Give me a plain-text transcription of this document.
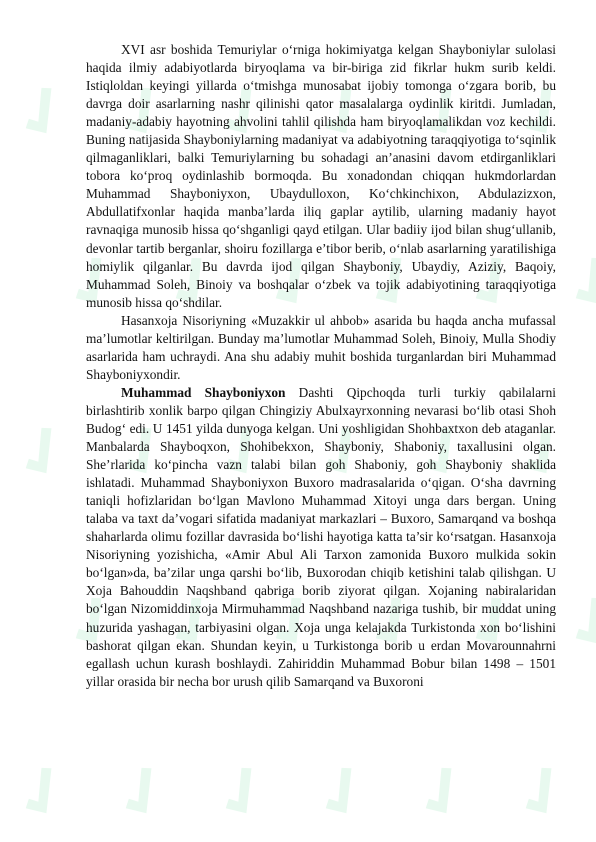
XVI asr boshida Temuriylar o‘rniga hokimiyatga kelgan Shayboniylar sulolasi haqida ilmiy adabiyotlarda biryoqlama va bir-biriga zid fikrlar hukm surib keldi. Istiqloldan keyingi yillarda o‘tmishga munosabat ijobiy tomonga o‘zgara borib, bu davrga doir asarlarning nashr qilinishi qator masalalarga oydinlik kiritdi. Jumladan, madaniy-adabiy hayotning ahvolini tahlil qilishda ham biryoqlamalikdan voz kechildi. Buning natijasida Shayboniylarning madaniyat va adabiyotning taraqqiyotiga to‘sqinlik qilmaganliklari, balki Temuriylarning bu sohadagi an’anasini davom etdirganliklari tobora ko‘proq oydinlashib bormoqda. Bu xonadondan chiqqan hukmdorlardan Muhammad Shayboniyxon, Ubaydulloxon, Ko‘chkinchixon, Abdulazizxon, Abdullatifxonlar haqida manba’larda iliq gaplar aytilib, ularning madaniy hayot ravnaqiga munosib hissa qo‘shganligi qayd etilgan. Ular badiiy ijod bilan shug‘ullanib, devonlar tartib berganlar, shoiru fozillarga e’tibor berib, o‘nlab asarlarning yaratilishiga homiylik qilganlar. Bu davrda ijod qilgan Shayboniy, Ubaydiy, Aziziy, Baqoiy, Muhammad Soleh, Binoiy va boshqalar o‘zbek va tojik adabiyotining taraqqiyotiga munosib hissa qo‘shdilar.

Hasanxoja Nisoriyning «Muzakkir ul ahbob» asarida bu haqda ancha mufassal ma’lumotlar keltirilgan. Bunday ma’lumotlar Muhammad Soleh, Binoiy, Mulla Shodiy asarlarida ham uchraydi. Ana shu adabiy muhit boshida turganlardan biri Muhammad Shayboniyxondir.

Muhammad Shayboniyxon Dashti Qipchoqda turli turkiy qabilalarni birlashtirib xonlik barpo qilgan Chingiziy Abulxayrxonning nevarasi bo‘lib otasi Shoh Budog‘ edi. U 1451 yilda dunyoga kelgan. Uni yoshligidan Shohbaxtxon deb ataganlar. Manbalarda Shayboqxon, Shohibekxon, Shayboniy, Shaboniy, taxallusini olgan. She’rlarida ko‘pincha vazn talabi bilan goh Shaboniy, goh Shayboniy shaklida ishlatadi. Muhammad Shayboniyxon Buxoro madrasalarida o‘qigan. O‘sha davrning taniqli hofizlaridan bo‘lgan Mavlono Muhammad Xitoyi unga dars bergan. Uning talaba va taxt da’vogari sifatida madaniyat markazlari – Buxoro, Samarqand va boshqa shaharlarda olimu fozillar davrasida bo‘lishi hayotiga katta ta’sir ko‘rsatgan. Hasanxoja Nisoriyning yozishicha, «Amir Abul Ali Tarxon zamonida Buxoro mulkida sokin bo‘lgan»da, ba’zilar unga qarshi bo‘lib, Buxorodan chiqib ketishini talab qilishgan. U Xoja Bahouddin Naqshband qabriga borib ziyorat qilgan. Xojaning nabiralaridan bo‘lgan Nizomiddinxoja Mirmuhammad Naqshband nazariga tushib, bir muddat uning huzurida yashagan, tarbiyasini olgan. Xoja unga kelajakda Turkistonda xon bo‘lishini bashorat qilgan ekan. Shundan keyin, u Turkistonga borib u erdan Movarounnahrni egallash uchun kurash boshlaydi. Zahiriddin Muhammad Bobur bilan 1498 – 1501 yillar orasida bir necha bor urush qilib Samarqand va Buxoroni
